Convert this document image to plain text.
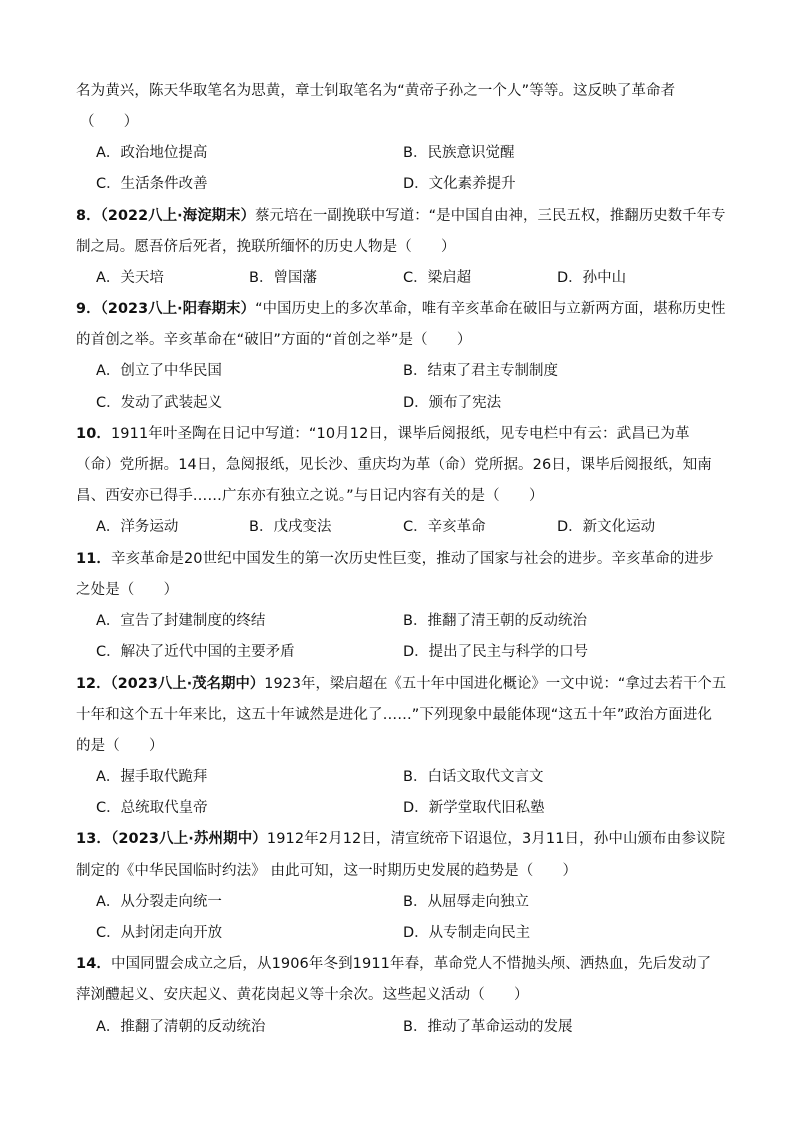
名为黄兴，陈天华取笔名为思黄，章士钊取笔名为“黄帝子孙之一个人”等等。这反映了革命者
（　　）
A．政治地位提高	B．民族意识觉醒
C．生活条件改善	D．文化素养提升
8．（2022八上·海淀期末）蔡元培在一副挽联中写道：“是中国自由神，三民五权，推翻历史数千年专
制之局。愿吾侪后死者，挽联所缅怀的历史人物是（　　）
A．关天培	B．曾国藩	C．梁启超	D．孙中山
9．（2023八上·阳春期末）“中国历史上的多次革命，唯有辛亥革命在破旧与立新两方面，堪称历史性
的首创之举。辛亥革命在“破旧”方面的“首创之举”是（　　）
A．创立了中华民国	B．结束了君主专制制度
C．发动了武装起义	D．颁布了宪法
10．1911年叶圣陶在日记中写道：“10月12日，课毕后阅报纸，见专电栏中有云：武昌已为革
（命）党所据。14日，急阅报纸，见长沙、重庆均为革（命）党所据。26日，课毕后阅报纸，知南
昌、西安亦已得手……广东亦有独立之说。”与日记内容有关的是（　　）
A．洋务运动	B．戊戌变法	C．辛亥革命	D．新文化运动
11．辛亥革命是20世纪中国发生的第一次历史性巨变，推动了国家与社会的进步。辛亥革命的进步
之处是（　　）
A．宣告了封建制度的终结	B．推翻了清王朝的反动统治
C．解决了近代中国的主要矛盾	D．提出了民主与科学的口号
12．（2023八上·茂名期中）1923年，梁启超在《五十年中国进化概论》一文中说：“拿过去若干个五
十年和这个五十年来比，这五十年诚然是进化了……”下列现象中最能体现“这五十年”政治方面进化
的是（　　）
A．握手取代跪拜	B．白话文取代文言文
C．总统取代皇帝	D．新学堂取代旧私塾
13．（2023八上·苏州期中）1912年2月12日，清宣统帝下诏退位，3月11日，孙中山颁布由参议院
制定的《中华民国临时约法》 由此可知，这一时期历史发展的趋势是（　　）
A．从分裂走向统一	B．从屈辱走向独立
C．从封闭走向开放	D．从专制走向民主
14．中国同盟会成立之后，从1906年冬到1911年春，革命党人不惜抛头颅、洒热血，先后发动了
萍浏醴起义、安庆起义、黄花岗起义等十余次。这些起义活动（　　）
A．推翻了清朝的反动统治	B．推动了革命运动的发展
